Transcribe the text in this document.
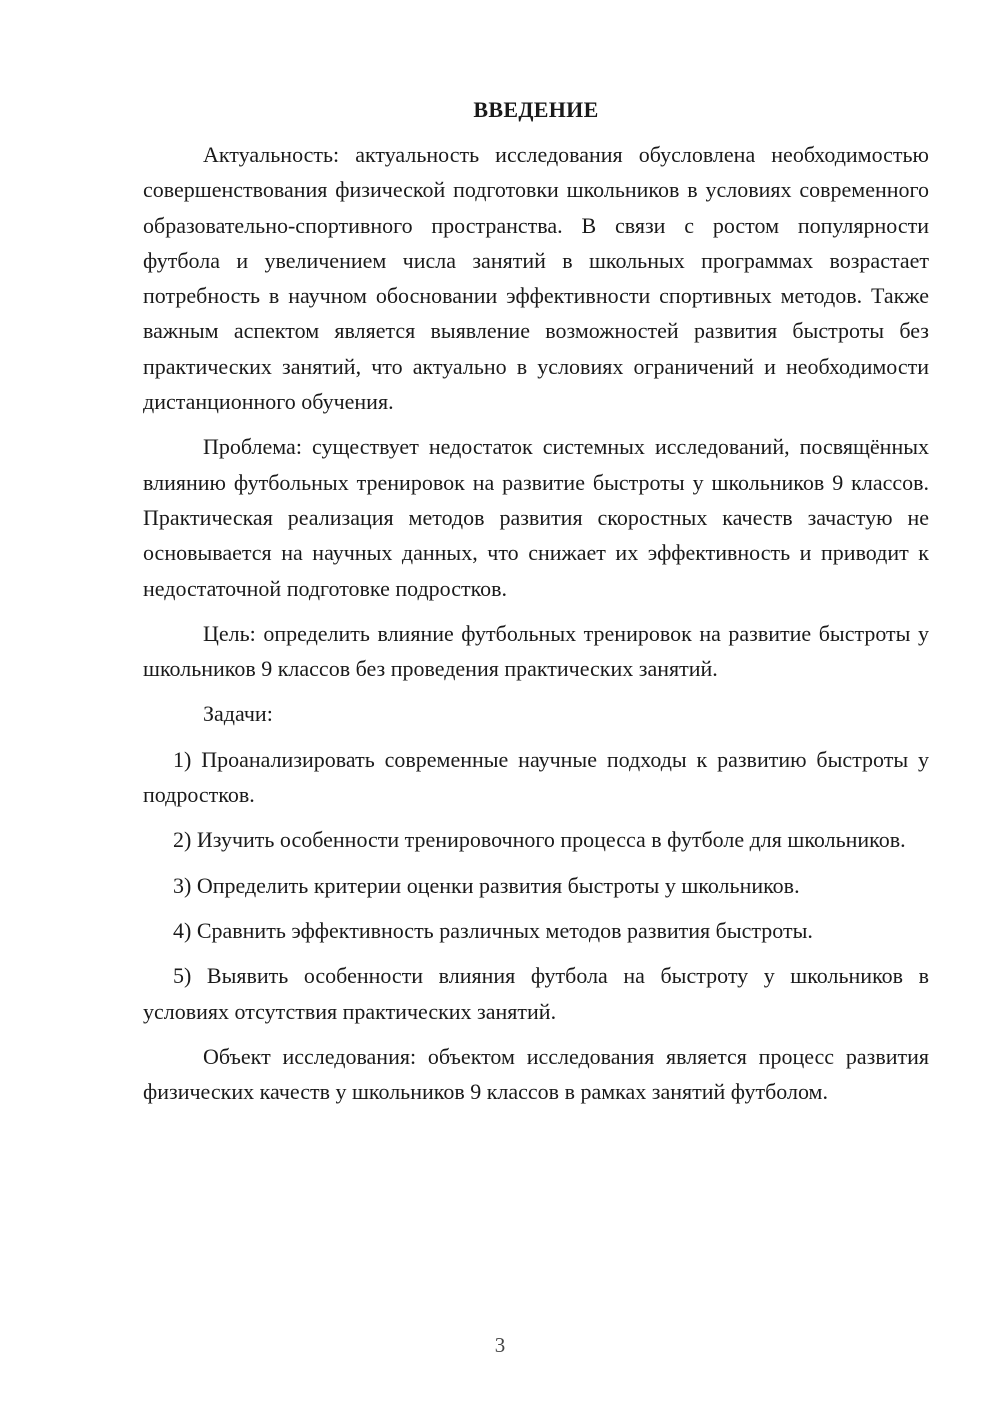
ВВЕДЕНИЕ

Актуальность: актуальность исследования обусловлена необходимостью совершенствования физической подготовки школьников в условиях современного образовательно-спортивного пространства. В связи с ростом популярности футбола и увеличением числа занятий в школьных программах возрастает потребность в научном обосновании эффективности спортивных методов. Также важным аспектом является выявление возможностей развития быстроты без практических занятий, что актуально в условиях ограничений и необходимости дистанционного обучения.

Проблема: существует недостаток системных исследований, посвящённых влиянию футбольных тренировок на развитие быстроты у школьников 9 классов. Практическая реализация методов развития скоростных качеств зачастую не основывается на научных данных, что снижает их эффективность и приводит к недостаточной подготовке подростков.

Цель: определить влияние футбольных тренировок на развитие быстроты у школьников 9 классов без проведения практических занятий.

Задачи:

1) Проанализировать современные научные подходы к развитию быстроты у подростков.

2) Изучить особенности тренировочного процесса в футболе для школьников.

3) Определить критерии оценки развития быстроты у школьников.

4) Сравнить эффективность различных методов развития быстроты.

5) Выявить особенности влияния футбола на быстроту у школьников в условиях отсутствия практических занятий.

Объект исследования: объектом исследования является процесс развития физических качеств у школьников 9 классов в рамках занятий футболом.

3
